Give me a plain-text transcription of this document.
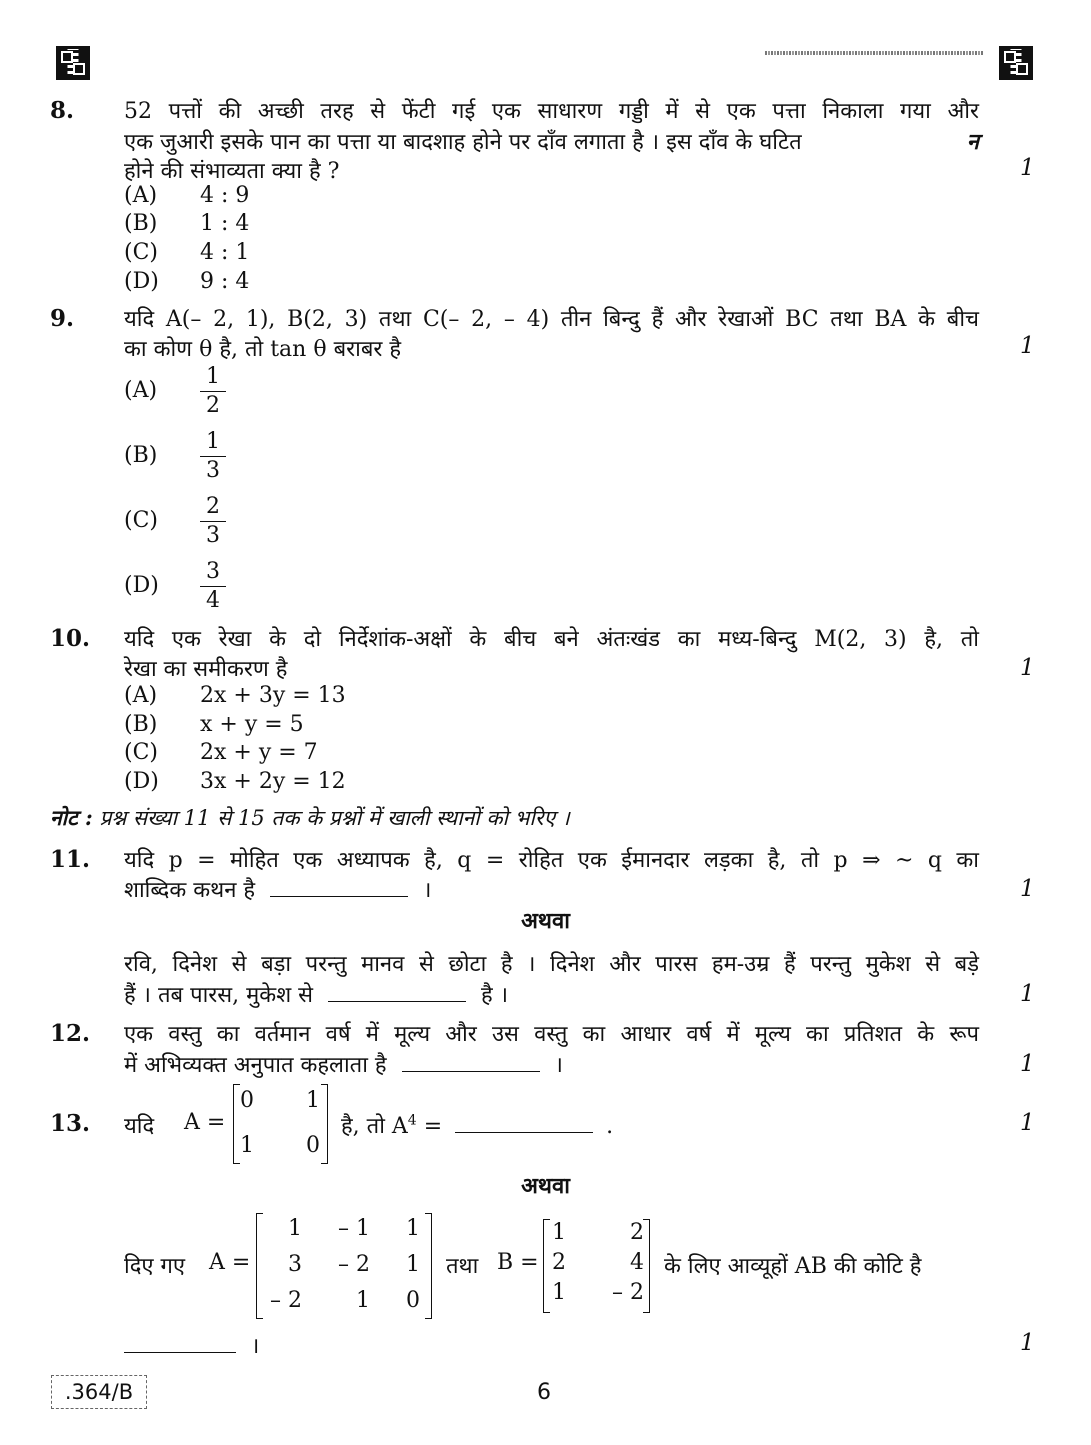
8. 52 पत्तों की अच्छी तरह से फेंटी गई एक साधारण गड्डी में से एक पत्ता निकाला गया और
एक जुआरी इसके पान का पत्ता या बादशाह होने पर दाँव लगाता है । इस दाँव के घटित	न
होने की संभाव्यता क्या है ?	1
(A) 4 : 9
(B) 1 : 4
(C) 4 : 1
(D) 9 : 4
9. यदि A(– 2, 1), B(2, 3) तथा C(– 2, – 4) तीन बिन्दु हैं और रेखाओं BC तथा BA के बीच
का कोण θ है, तो tan θ बराबर है	1
$(A) \frac{1}{2}$
$(B) \frac{1}{3}$
$(C) \frac{2}{3}$
$(D) \frac{3}{4}$
10. यदि एक रेखा के दो निर्देशांक-अक्षों के बीच बने अंतःखंड का मध्य-बिन्दु M(2, 3) है, तो
रेखा का समीकरण है	1
(A) 2x + 3y = 13
(B) x + y = 5
(C) 2x + y = 7
(D) 3x + 2y = 12
नोट : प्रश्न संख्या 11 से 15 तक के प्रश्नों में खाली स्थानों को भरिए ।
11. यदि p = मोहित एक अध्यापक है, q = रोहित एक ईमानदार लड़का है, तो p ⇒ ~ q का
शाब्दिक कथन है	।	1
अथवा
रवि, दिनेश से बड़ा परन्तु मानव से छोटा है । दिनेश और पारस हम-उम्र हैं परन्तु मुकेश से बड़े
हैं । तब पारस, मुकेश से	है ।	1
12. एक वस्तु का वर्तमान वर्ष में मूल्य और उस वस्तु का आधार वर्ष में मूल्य का प्रतिशत के रूप
में अभिव्यक्त अनुपात कहलाता है	।	1
13. यदि A =
0	1
1	0
है, तो $A^4$ =	.	1
अथवा
दिए गए A =
1	– 1	1
3	– 2	1
– 2	1	0
तथा B =
1	2
2	4
1	– 2
के लिए आव्यूहों AB की कोटि है
।	1
.364/B	6
